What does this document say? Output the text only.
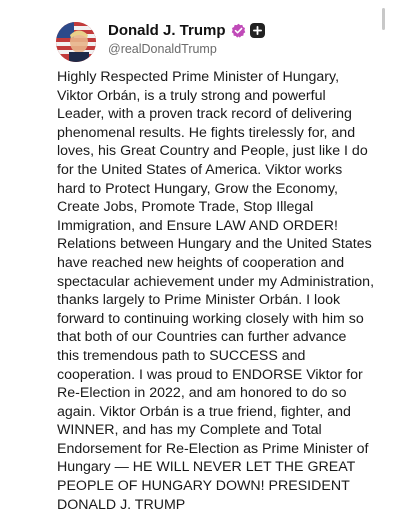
Donald J. Trump
@realDonaldTrump

Highly Respected Prime Minister of Hungary,
Viktor Orbán, is a truly strong and powerful
Leader, with a proven track record of delivering
phenomenal results. He fights tirelessly for, and
loves, his Great Country and People, just like I do
for the United States of America. Viktor works
hard to Protect Hungary, Grow the Economy,
Create Jobs, Promote Trade, Stop Illegal
Immigration, and Ensure LAW AND ORDER!
Relations between Hungary and the United States
have reached new heights of cooperation and
spectacular achievement under my Administration,
thanks largely to Prime Minister Orbán. I look
forward to continuing working closely with him so
that both of our Countries can further advance
this tremendous path to SUCCESS and
cooperation. I was proud to ENDORSE Viktor for
Re-Election in 2022, and am honored to do so
again. Viktor Orbán is a true friend, fighter, and
WINNER, and has my Complete and Total
Endorsement for Re-Election as Prime Minister of
Hungary — HE WILL NEVER LET THE GREAT
PEOPLE OF HUNGARY DOWN! PRESIDENT
DONALD J. TRUMP
